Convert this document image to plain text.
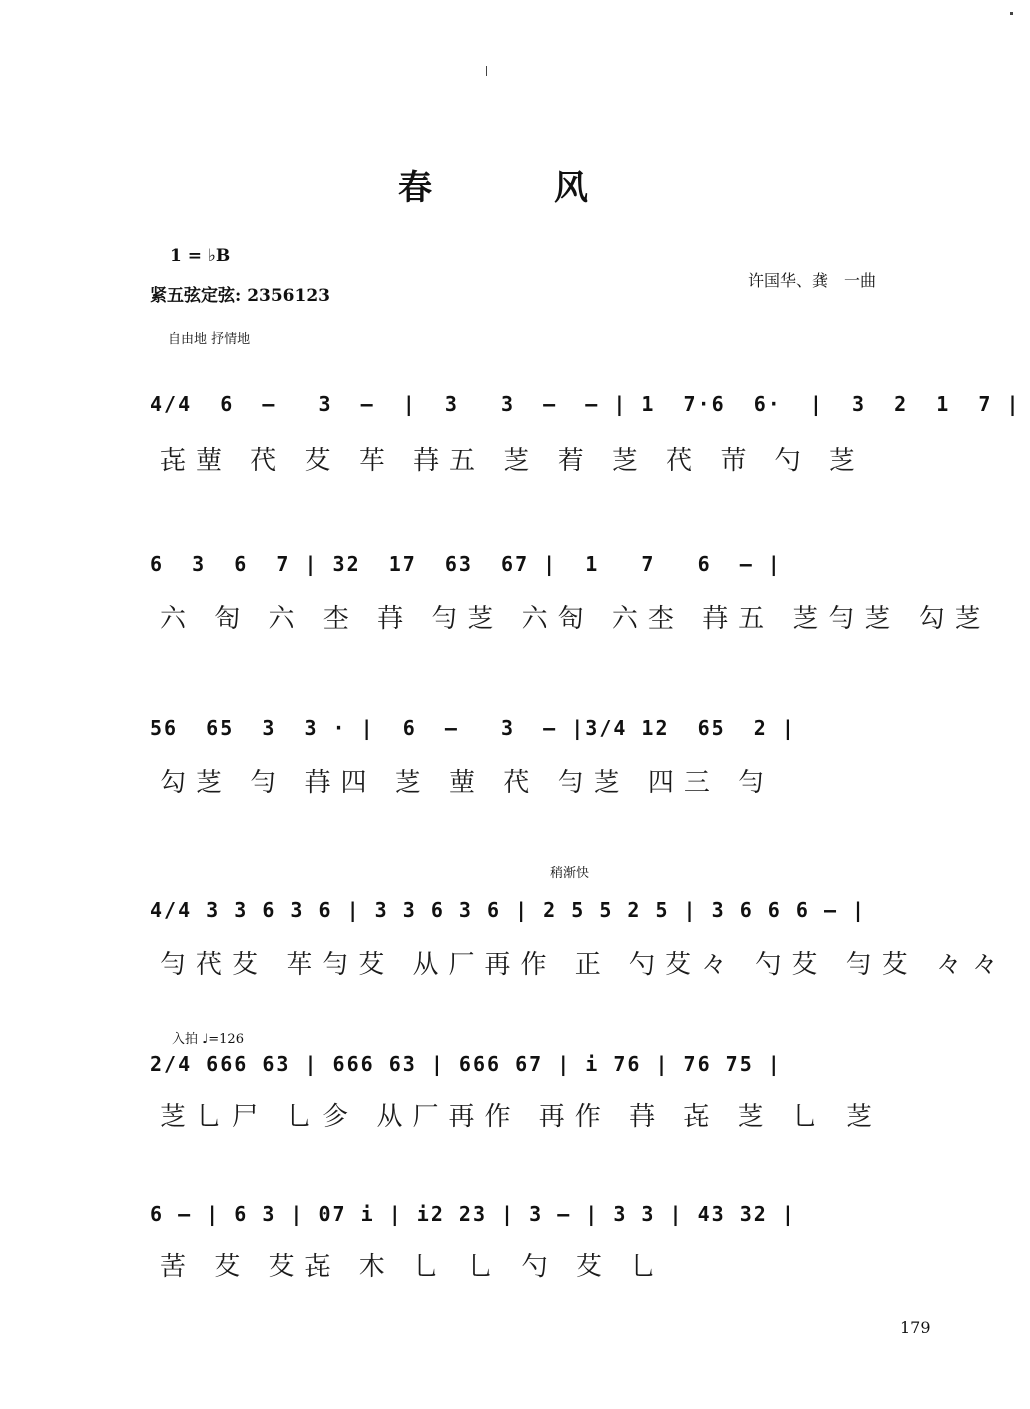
春　风
1 = ♭B
紧五弦定弦: 2356123
许国华、龚　一曲
自由地 抒情地
4/4  6  —   3  —  |  3   3  —  — | 1  7·6  6·  |  3  2  1  7 |
㐂䓰 䒫 䒘 䒜 䒣五 䒦 䒴 䒦 䒫 䒥 勺 䒦
6  3  6  7 | 32  17  63  67 |  1   7   6  — |
六 匌 六 杢 䒣 勻䒦 六匌 六杢 䒣五 䒦勻䒦 勾䒦
56  65  3  3 · |  6  —   3  — |3/4 12  65  2 |
勾䒦 勻 䒣四 䒦 䓰 䒫 勻䒦 四三 勻
稍渐快
4/4 3 3 6 3 6 | 3 3 6 3 6 | 2 5 5 2 5 | 3 6 6 6 — |
勻䒫䒘 䒜勻䒘 从厂再作 正 勺䒘々 勺䒘 勻䒘 々々
入拍 ♩=126
2/4 666 63 | 666 63 | 666 67 | i 76 | 76 75 |
䒦乚尸 乚㐱 从厂再作 再作 䒣 㐂 䒦 乚 䒦
6 — | 6 3 | 07 i | i2 23 | 3 — | 3 3 | 43 32 |
䒷 䒘 䒘㐂 木 乚 乚 勺 䒘 乚
179
